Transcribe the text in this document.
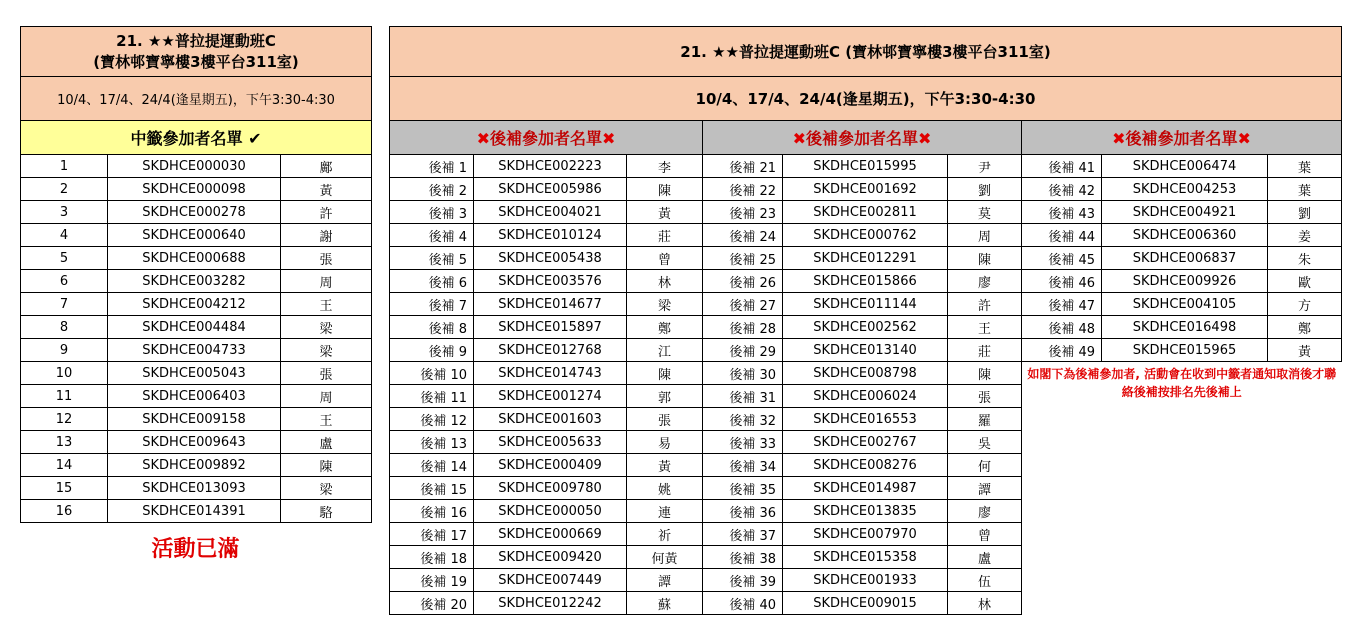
21. ★★普拉提運動班C
(寶林邨寶寧樓3樓平台311室)		
10/4、17/4、24/4(逢星期五)，下午3:30-4:30		
中籤參加者名單 ✔		
1	SKDHCE000030	鄺
2	SKDHCE000098	黃
3	SKDHCE000278	許
4	SKDHCE000640	謝
5	SKDHCE000688	張
6	SKDHCE003282	周
7	SKDHCE004212	王
8	SKDHCE004484	梁
9	SKDHCE004733	梁
10	SKDHCE005043	張
11	SKDHCE006403	周
12	SKDHCE009158	王
13	SKDHCE009643	盧
14	SKDHCE009892	陳
15	SKDHCE013093	梁
16	SKDHCE014391	駱
活動已滿
21. ★★普拉提運動班C (寶林邨寶寧樓3樓平台311室)								
10/4、17/4、24/4(逢星期五)，下午3:30-4:30								
✖後補參加者名單✖			✖後補參加者名單✖			✖後補參加者名單✖		
後補 1	SKDHCE002223	李	後補 21	SKDHCE015995	尹	後補 41	SKDHCE006474	葉
後補 2	SKDHCE005986	陳	後補 22	SKDHCE001692	劉	後補 42	SKDHCE004253	葉
後補 3	SKDHCE004021	黃	後補 23	SKDHCE002811	莫	後補 43	SKDHCE004921	劉
後補 4	SKDHCE010124	莊	後補 24	SKDHCE000762	周	後補 44	SKDHCE006360	姜
後補 5	SKDHCE005438	曾	後補 25	SKDHCE012291	陳	後補 45	SKDHCE006837	朱
後補 6	SKDHCE003576	林	後補 26	SKDHCE015866	廖	後補 46	SKDHCE009926	歐
後補 7	SKDHCE014677	梁	後補 27	SKDHCE011144	許	後補 47	SKDHCE004105	方
後補 8	SKDHCE015897	鄭	後補 28	SKDHCE002562	王	後補 48	SKDHCE016498	鄭
後補 9	SKDHCE012768	江	後補 29	SKDHCE013140	莊	後補 49	SKDHCE015965	黃
後補 10	SKDHCE014743	陳	後補 30	SKDHCE008798	陳	如閣下為後補參加者, 活動會在收到中籤者通知取消後才聯絡後補按排名先後補上		
後補 11	SKDHCE001274	郭	後補 31	SKDHCE006024	張			
後補 12	SKDHCE001603	張	後補 32	SKDHCE016553	羅			
後補 13	SKDHCE005633	易	後補 33	SKDHCE002767	吳			
後補 14	SKDHCE000409	黃	後補 34	SKDHCE008276	何			
後補 15	SKDHCE009780	姚	後補 35	SKDHCE014987	譚			
後補 16	SKDHCE000050	連	後補 36	SKDHCE013835	廖			
後補 17	SKDHCE000669	祈	後補 37	SKDHCE007970	曾			
後補 18	SKDHCE009420	何黃	後補 38	SKDHCE015358	盧			
後補 19	SKDHCE007449	譚	後補 39	SKDHCE001933	伍			
後補 20	SKDHCE012242	蘇	後補 40	SKDHCE009015	林			
